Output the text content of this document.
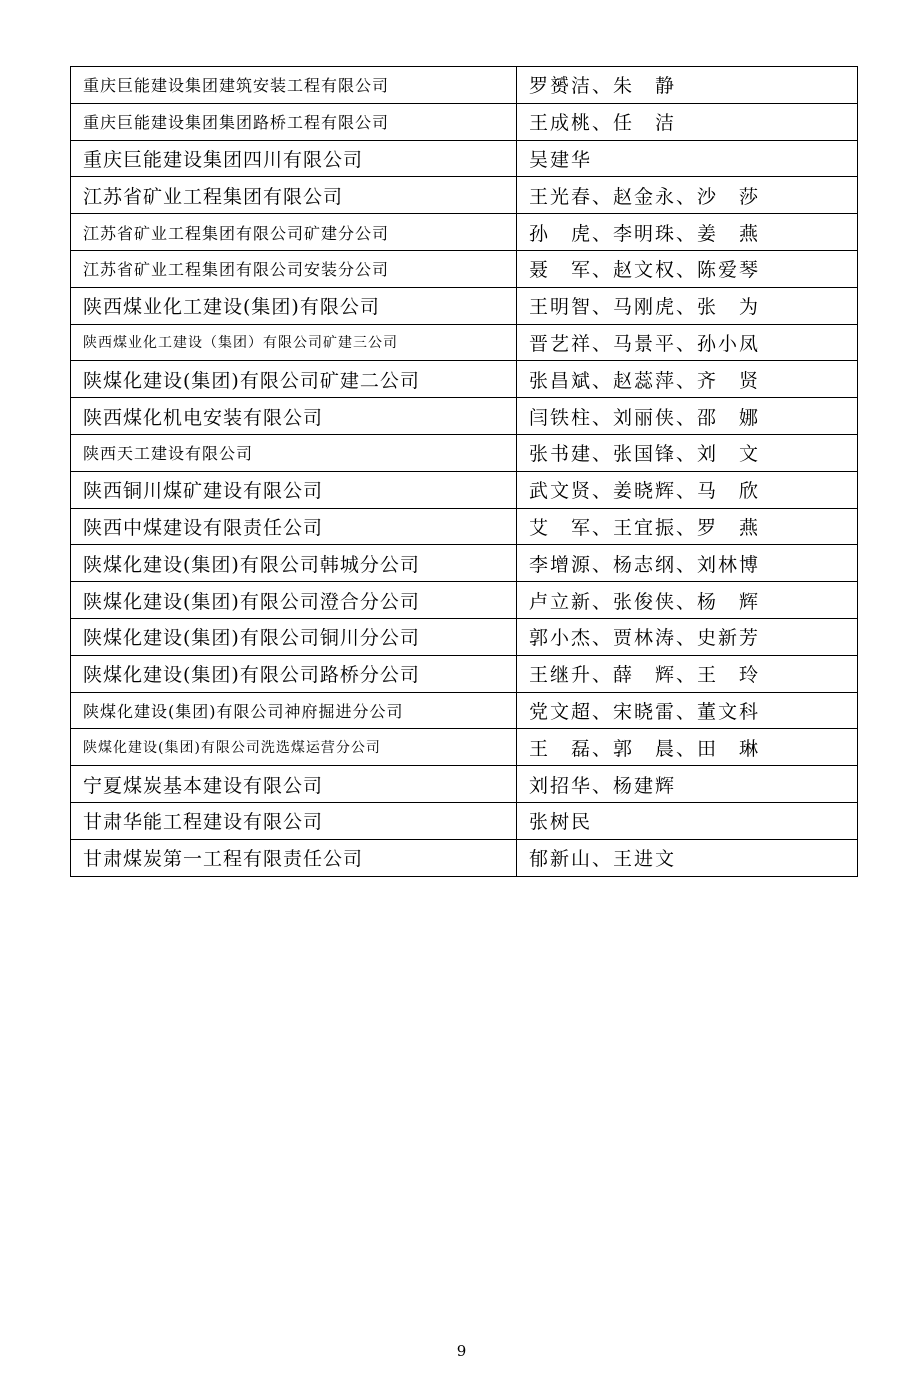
重庆巨能建设集团建筑安装工程有限公司	罗赟洁、朱　静
重庆巨能建设集团集团路桥工程有限公司	王成桃、任　洁
重庆巨能建设集团四川有限公司	吴建华
江苏省矿业工程集团有限公司	王光春、赵金永、沙　莎
江苏省矿业工程集团有限公司矿建分公司	孙　虎、李明珠、姜　燕
江苏省矿业工程集团有限公司安装分公司	聂　军、赵文权、陈爱琴
陕西煤业化工建设(集团)有限公司	王明智、马刚虎、张　为
陕西煤业化工建设（集团）有限公司矿建三公司	晋艺祥、马景平、孙小凤
陕煤化建设(集团)有限公司矿建二公司	张昌斌、赵蕊萍、齐　贤
陕西煤化机电安装有限公司	闫铁柱、刘丽侠、邵　娜
陕西天工建设有限公司	张书建、张国锋、刘　文
陕西铜川煤矿建设有限公司	武文贤、姜晓辉、马　欣
陕西中煤建设有限责任公司	艾　军、王宜振、罗　燕
陕煤化建设(集团)有限公司韩城分公司	李增源、杨志纲、刘林博
陕煤化建设(集团)有限公司澄合分公司	卢立新、张俊侠、杨　辉
陕煤化建设(集团)有限公司铜川分公司	郭小杰、贾林涛、史新芳
陕煤化建设(集团)有限公司路桥分公司	王继升、薛　辉、王　玲
陕煤化建设(集团)有限公司神府掘进分公司	党文超、宋晓雷、董文科
陕煤化建设(集团)有限公司洗选煤运营分公司	王　磊、郭　晨、田　琳
宁夏煤炭基本建设有限公司	刘招华、杨建辉
甘肃华能工程建设有限公司	张树民
甘肃煤炭第一工程有限责任公司	郁新山、王进文
9
